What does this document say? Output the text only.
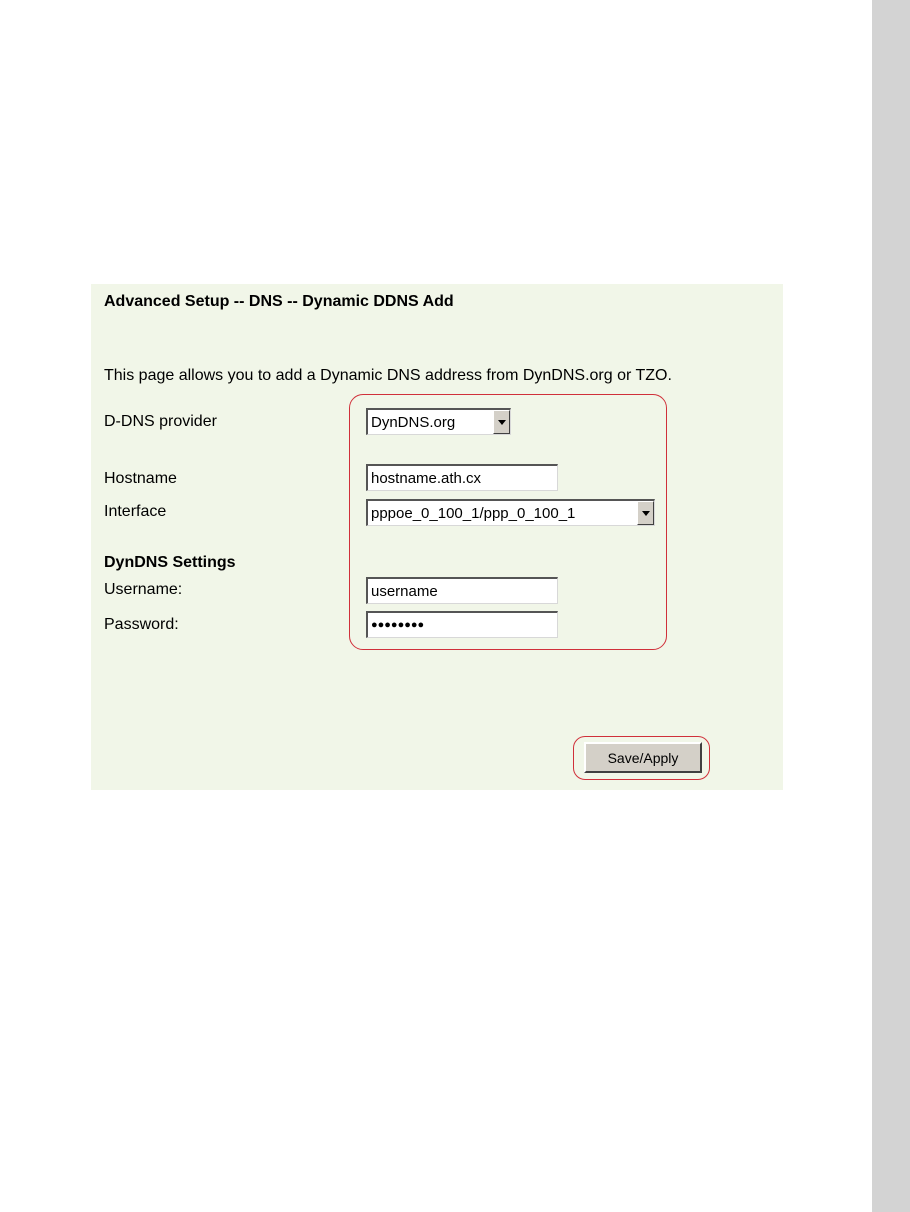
Advanced Setup -- DNS -- Dynamic DDNS Add
This page allows you to add a Dynamic DNS address from DynDNS.org or TZO.
D-DNS provider	DynDNS.org
Hostname	hostname.ath.cx
Interface	pppoe_0_100_1/ppp_0_100_1
DynDNS Settings
Username:	username
Password:	●●●●●●●●
Save/Apply
